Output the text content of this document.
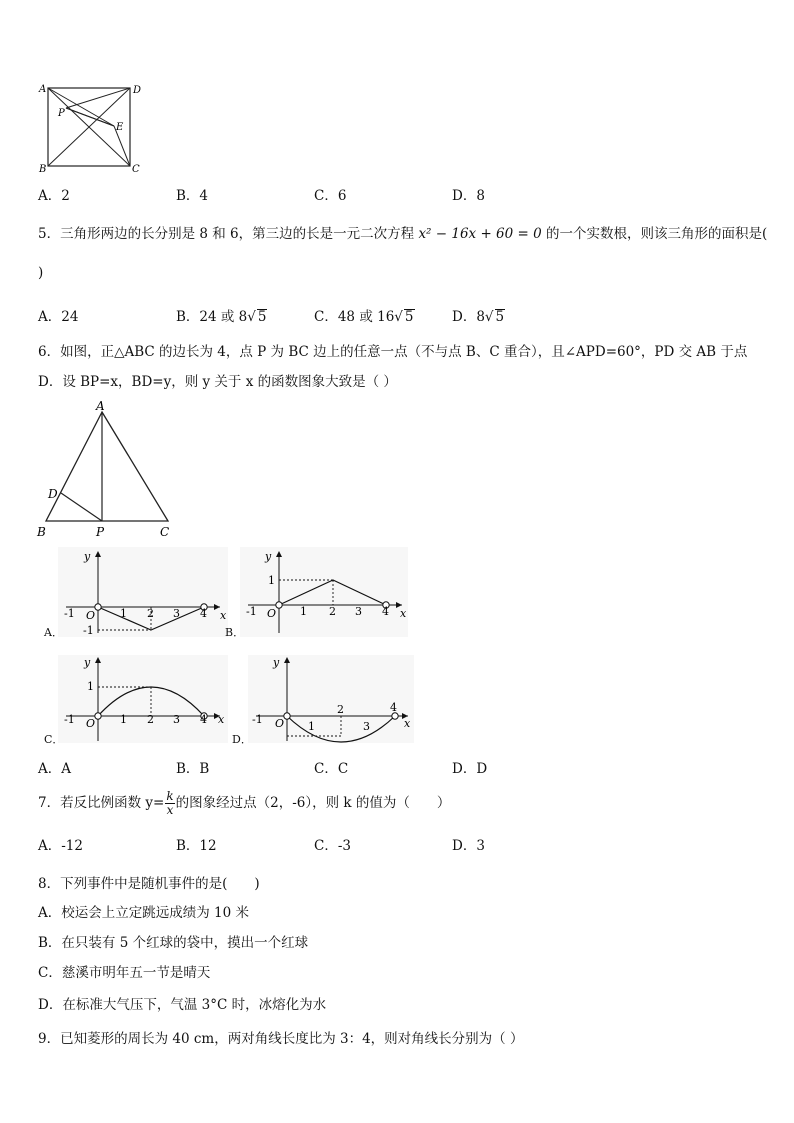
A	D
P
E
B	C
A．2	B．4	C．6	D．8
5．三角形两边的长分别是 8 和 6，第三边的长是一元二次方程 x² − 16x + 60 = 0 的一个实数根，则该三角形的面积是(
)
A．24	B．24 或 8√ 5	C．48 或 16√ 5	D．8√ 5
6．如图，正△ABC 的边长为 4，点 P 为 BC 边上的任意一点（不与点 B、C 重合），且∠APD=60°，PD 交 AB 于点
D．设 BP=x，BD=y，则 y 关于 x 的函数图象大致是（ ）
A
D
B	P	C
y
x
O
-1	1 2 3 4
-1
A．
y
x
O
-1	1 2 3 4
1
B．
y
x
O
-1	1 2 3 4
1
C．
y
x
O
-1
1
2
3
4
D．
A．A	B．B	C．C	D．D
7．若反比例函数 $y= \frac{k}{x}$ 的图象经过点（2，-6），则 k 的值为（　　）
A．-12	B．12	C．-3	D．3
8．下列事件中是随机事件的是(　　)
A．校运会上立定跳远成绩为 10 米
B．在只装有 5 个红球的袋中，摸出一个红球
C．慈溪市明年五一节是晴天
D．在标准大气压下，气温 3°C 时，冰熔化为水
9．已知菱形的周长为 40 cm，两对角线长度比为 3：4，则对角线长分别为（ ）
